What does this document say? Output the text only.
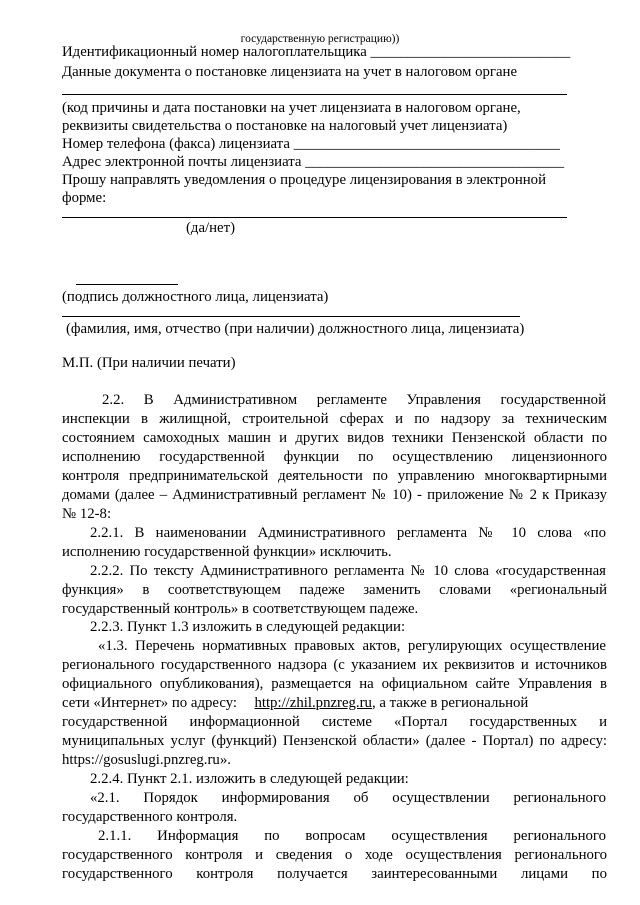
государственную регистрацию))
Идентификационный номер налогоплательщика ___________________________
Данные документа о постановке лицензиата на учет в налоговом органе
(код причины и дата постановки на учет лицензиата в налоговом органе,
реквизиты свидетельства о постановке на налоговый учет лицензиата)
Номер телефона (факса) лицензиата ____________________________________
Адрес электронной почты лицензиата ___________________________________
Прошу направлять уведомления о процедуре лицензирования в электронной
форме:
(да/нет)
(подпись должностного лица, лицензиата)
(фамилия, имя, отчество (при наличии) должностного лица, лицензиата)
М.П. (При наличии печати)
2.2. В Административном регламенте Управления государственной
инспекции в жилищной, строительной сферах и по надзору за техническим
состоянием самоходных машин и других видов техники Пензенской области по
исполнению государственной функции по осуществлению лицензионного
контроля предпринимательской деятельности по управлению многоквартирными
домами (далее – Административный регламент № 10) - приложение № 2 к Приказу
№ 12-8:
2.2.1. В наименовании Административного регламента № 10 слова «по
исполнению государственной функции» исключить.
2.2.2. По тексту Административного регламента № 10 слова «государственная
функция» в соответствующем падеже заменить словами «региональный
государственный контроль» в соответствующем падеже.
2.2.3. Пункт 1.3 изложить в следующей редакции:
«1.3. Перечень нормативных правовых актов, регулирующих осуществление
регионального государственного надзора (с указанием их реквизитов и источников
официального опубликования), размещается на официальном сайте Управления в
сети «Интернет» по адресу: http://zhil.pnzreg.ru, а также в региональной
государственной информационной системе «Портал государственных и
муниципальных услуг (функций) Пензенской области» (далее - Портал) по адресу:
https://gosuslugi.pnzreg.ru».
2.2.4. Пункт 2.1. изложить в следующей редакции:
«2.1. Порядок информирования об осуществлении регионального
государственного контроля.
2.1.1. Информация по вопросам осуществления регионального
государственного контроля и сведения о ходе осуществления регионального
государственного контроля получается заинтересованными лицами по
